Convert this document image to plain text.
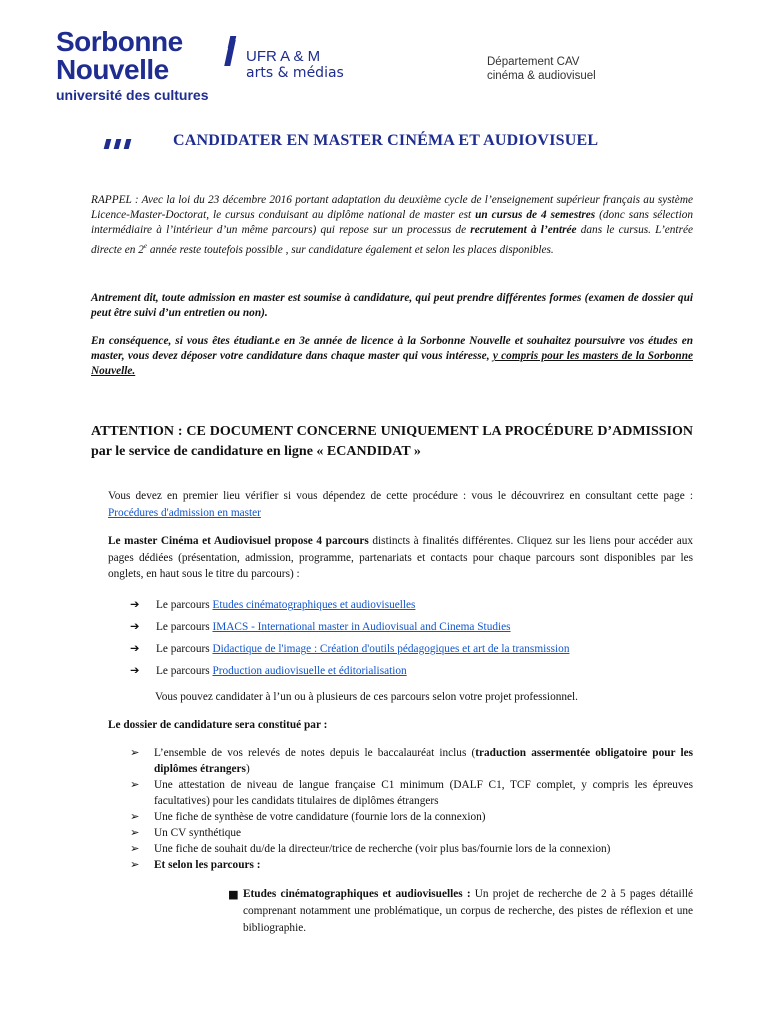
Sorbonne
Nouvelle
université des cultures
UFR A & M
arts & médias
Département CAV
cinéma & audiovisuel
CANDIDATER EN MASTER CINÉMA ET AUDIOVISUEL
RAPPEL : Avec la loi du 23 décembre 2016 portant adaptation du deuxième cycle de l’enseignement supérieur français au système Licence-Master-Doctorat, le cursus conduisant au diplôme national de master est un cursus de 4 semestres (donc sans sélection intermédiaire à l’intérieur d’un même parcours) qui repose sur un processus de recrutement à l’entrée dans le cursus. L’entrée directe en 2e année reste toutefois possible , sur candidature également et selon les places disponibles.
Antrement dit, toute admission en master est soumise à candidature, qui peut prendre différentes formes (examen de dossier qui peut être suivi d’un entretien ou non).
En conséquence, si vous êtes étudiant.e en 3e année de licence à la Sorbonne Nouvelle et souhaitez poursuivre vos études en master, vous devez déposer votre candidature dans chaque master qui vous intéresse, y compris pour les masters de la Sorbonne Nouvelle.
ATTENTION : CE DOCUMENT CONCERNE UNIQUEMENT LA PROCÉDURE D’ADMISSION par le service de candidature en ligne « ECANDIDAT »
Vous devez en premier lieu vérifier si vous dépendez de cette procédure : vous le découvrirez en consultant cette page : Procédures d'admission en master
Le master Cinéma et Audiovisuel propose 4 parcours distincts à finalités différentes. Cliquez sur les liens pour accéder aux pages dédiées (présentation, admission, programme, partenariats et contacts pour chaque parcours sont disponibles par les onglets, en haut sous le titre du parcours) :
➔ Le parcours Etudes cinématographiques et audiovisuelles
➔ Le parcours IMACS - International master in Audiovisual and Cinema Studies
➔ Le parcours Didactique de l'image : Création d'outils pédagogiques et art de la transmission
➔ Le parcours Production audiovisuelle et éditorialisation
Vous pouvez candidater à l’un ou à plusieurs de ces parcours selon votre projet professionnel.
Le dossier de candidature sera constitué par :
➢	L’ensemble de vos relevés de notes depuis le baccalauréat inclus (traduction assermentée obligatoire pour les diplômes étrangers)
➢	Une attestation de niveau de langue française C1 minimum (DALF C1, TCF complet, y compris les épreuves facultatives) pour les candidats titulaires de diplômes étrangers
➢	Une fiche de synthèse de votre candidature (fournie lors de la connexion)
➢	Un CV synthétique
➢	Une fiche de souhait du/de la directeur/trice de recherche (voir plus bas/fournie lors de la connexion)
➢	Et selon les parcours :
■ Etudes cinématographiques et audiovisuelles : Un projet de recherche de 2 à 5 pages détaillé comprenant notamment une problématique, un corpus de recherche, des pistes de réflexion et une bibliographie.
